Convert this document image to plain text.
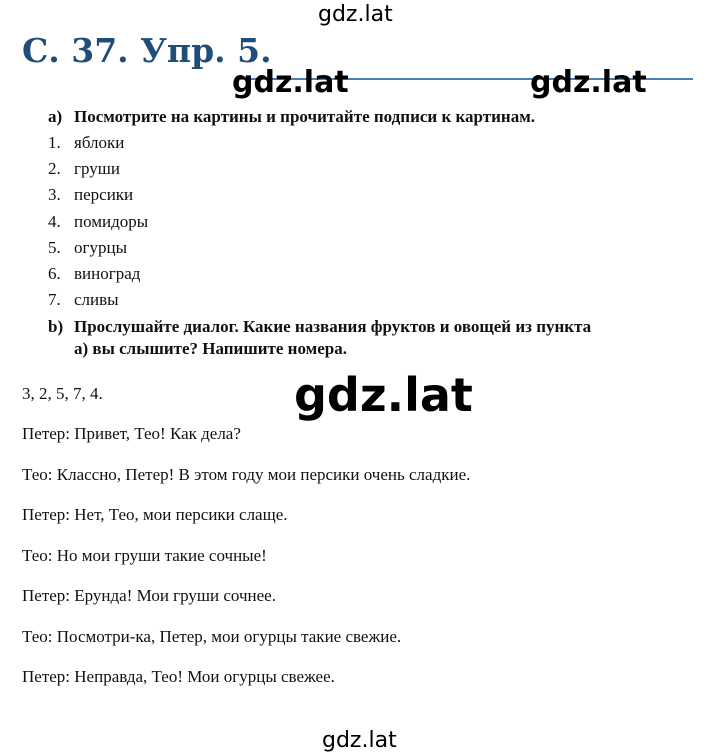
gdz.lat
С. 37. Упр. 5.
gdz.lat	gdz.lat
a) Посмотрите на картины и прочитайте подписи к картинам.
1. яблоки
2. груши
3. персики
4. помидоры
5. огурцы
6. виноград
7. сливы
b) Прослушайте диалог. Какие названия фруктов и овощей из пункта
а) вы слышите? Напишите номера.
gdz.lat
3, 2, 5, 7, 4.
Петер: Привет, Тео! Как дела?
Тео: Классно, Петер! В этом году мои персики очень сладкие.
Петер: Нет, Тео, мои персики слаще.
Тео: Но мои груши такие сочные!
Петер: Ерунда! Мои груши сочнее.
Тео: Посмотри-ка, Петер, мои огурцы такие свежие.
Петер: Неправда, Тео! Мои огурцы свежее.
gdz.lat
